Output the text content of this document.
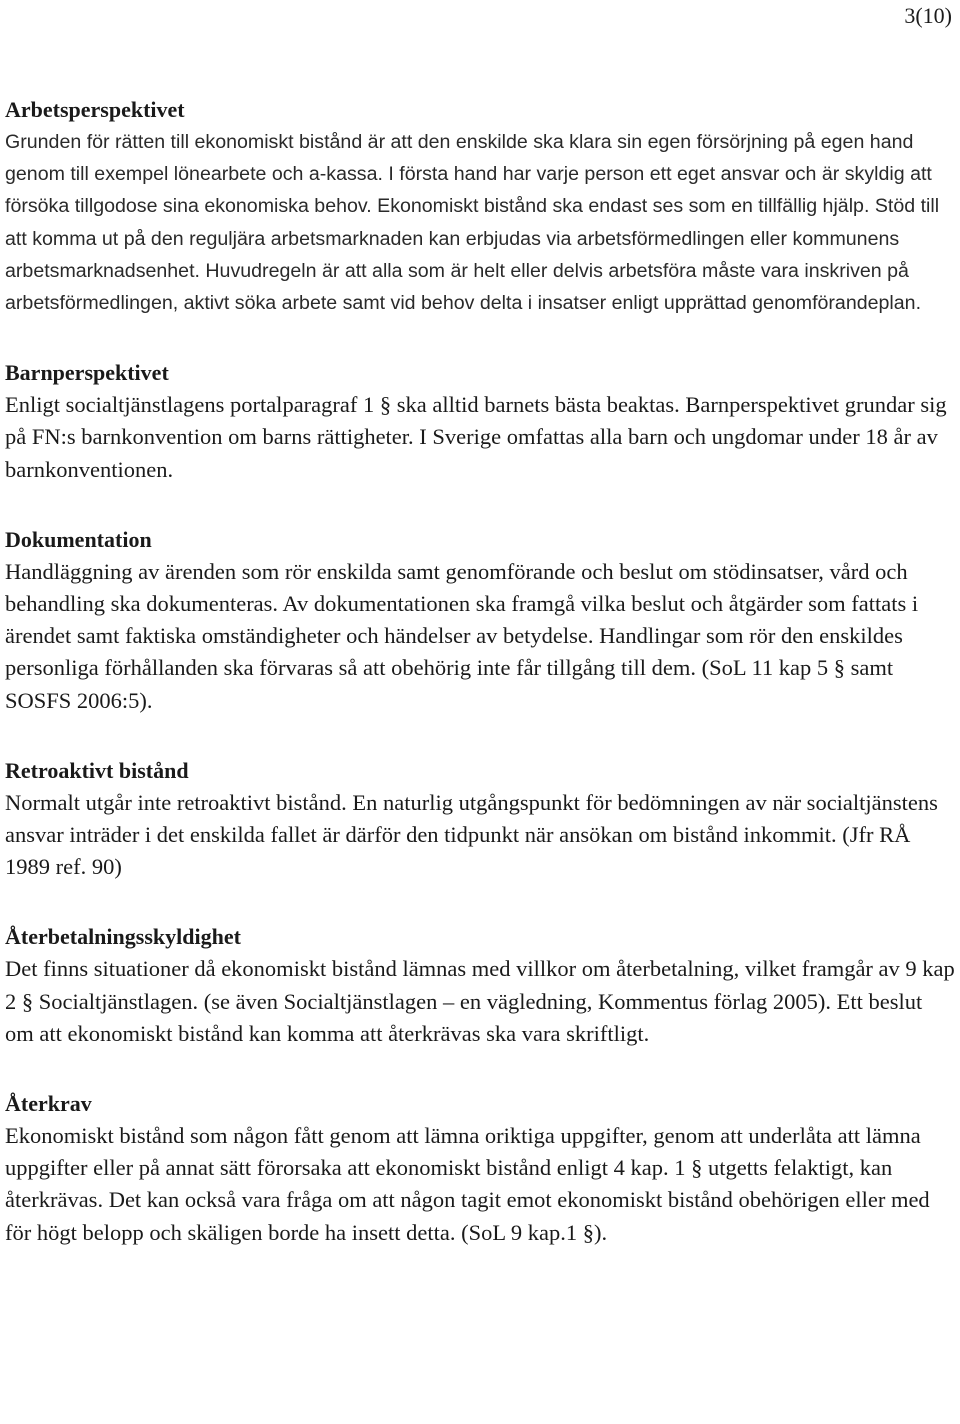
3(10)
Arbetsperspektivet

Grunden för rätten till ekonomiskt bistånd är att den enskilde ska klara sin egen försörjning på egen hand genom till exempel lönearbete och a-kassa. I första hand har varje person ett eget ansvar och är skyldig att försöka tillgodose sina ekonomiska behov. Ekonomiskt bistånd ska endast ses som en tillfällig hjälp. Stöd till att komma ut på den reguljära arbetsmarknaden kan erbjudas via arbetsförmedlingen eller kommunens arbetsmarknadsenhet. Huvudregeln är att alla som är helt eller delvis arbetsföra måste vara inskriven på arbetsförmedlingen, aktivt söka arbete samt vid behov delta i insatser enligt upprättad genomförandeplan.

Barnperspektivet

Enligt socialtjänstlagens portalparagraf 1 § ska alltid barnets bästa beaktas. Barnperspektivet grundar sig på FN:s barnkonvention om barns rättigheter. I Sverige omfattas alla barn och ungdomar under 18 år av barnkonventionen.

Dokumentation

Handläggning av ärenden som rör enskilda samt genomförande och beslut om stödinsatser, vård och behandling ska dokumenteras. Av dokumentationen ska framgå vilka beslut och åtgärder som fattats i ärendet samt faktiska omständigheter och händelser av betydelse. Handlingar som rör den enskildes personliga förhållanden ska förvaras så att obehörig inte får tillgång till dem. (SoL 11 kap 5 § samt SOSFS 2006:5).

Retroaktivt bistånd

Normalt utgår inte retroaktivt bistånd. En naturlig utgångspunkt för bedömningen av när socialtjänstens ansvar inträder i det enskilda fallet är därför den tidpunkt när ansökan om bistånd inkommit. (Jfr RÅ 1989 ref. 90)

Återbetalningsskyldighet

Det finns situationer då ekonomiskt bistånd lämnas med villkor om återbetalning, vilket framgår av 9 kap 2 § Socialtjänstlagen. (se även Socialtjänstlagen – en vägledning, Kommentus förlag 2005). Ett beslut om att ekonomiskt bistånd kan komma att återkrävas ska vara skriftligt.

Återkrav

Ekonomiskt bistånd som någon fått genom att lämna oriktiga uppgifter, genom att underlåta att lämna uppgifter eller på annat sätt förorsaka att ekonomiskt bistånd enligt 4 kap. 1 § utgetts felaktigt, kan återkrävas. Det kan också vara fråga om att någon tagit emot ekonomiskt bistånd obehörigen eller med för högt belopp och skäligen borde ha insett detta. (SoL 9 kap.1 §).
